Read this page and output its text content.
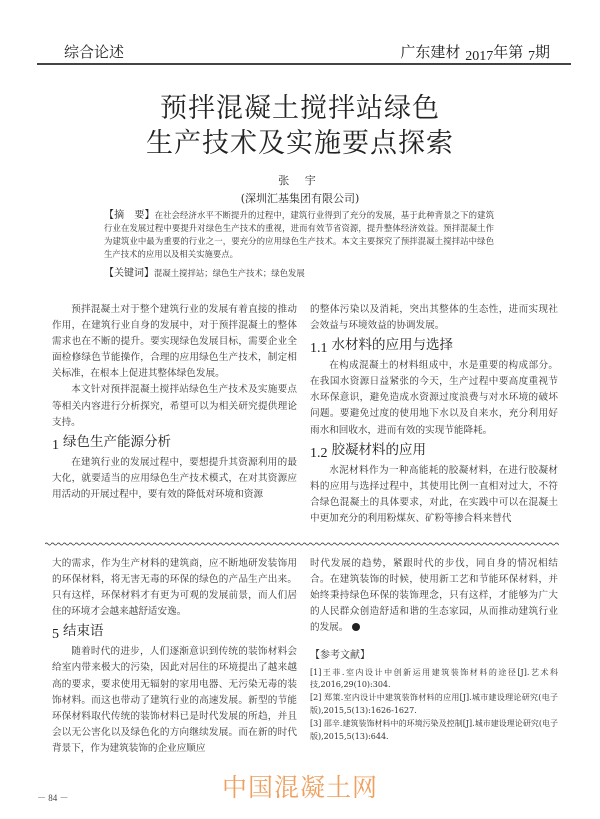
综合论述	广东建材 2017年第 7期
预拌混凝土搅拌站绿色
生产技术及实施要点探索
张 宇
(深圳汇基集团有限公司)
【摘　要】在社会经济水平不断提升的过程中，建筑行业得到了充分的发展，基于此种背景之下的建筑行业在发展过程中要提升对绿色生产技术的重视，进而有效节省资源，提升整体经济效益。预拌混凝土作为建筑业中最为重要的行业之一，要充分的应用绿色生产技术。本文主要探究了预拌混凝土搅拌站中绿色生产技术的应用以及相关实施要点。
【关键词】混凝土搅拌站；绿色生产技术；绿色发展

预拌混凝土对于整个建筑行业的发展有着直接的推动作用，在建筑行业自身的发展中，对于预拌混凝土的整体需求也在不断的提升。要实现绿色发展目标，需要企业全面检修绿色节能操作，合理的应用绿色生产技术，制定相关标准，在根本上促进其整体绿色发展。

本文针对预拌混凝土搅拌站绿色生产技术及实施要点等相关内容进行分析探究，希望可以为相关研究提供理论支持。

1 绿色生产能源分析

在建筑行业的发展过程中，要想提升其资源利用的最大化，就要适当的应用绿色生产技术模式，在对其资源应用活动的开展过程中，要有效的降低对环境和资源

的整体污染以及消耗，突出其整体的生态性，进而实现社会效益与环境效益的协调发展。

1.1 水材料的应用与选择

在构成混凝土的材料组成中，水是重要的构成部分。在我国水资源日益紧张的今天，生产过程中要高度重视节水环保意识，避免造成水资源过度浪费与对水环境的破坏问题。要避免过度的使用地下水以及自来水，充分利用好雨水和回收水，进而有效的实现节能降耗。

1.2 胶凝材料的应用

水泥材料作为一种高能耗的胶凝材料，在进行胶凝材料的应用与选择过程中，其使用比例一直相对过大，不符合绿色混凝土的具体要求，对此，在实践中可以在混凝土中更加充分的利用粉煤灰、矿粉等掺合料来替代

大的需求，作为生产材料的建筑商，应不断地研发装饰用的环保材料，将无害无毒的环保的绿色的产品生产出来。只有这样，环保材料才有更为可观的发展前景，而人们居住的环境才会越来越舒适安逸。

5 结束语

随着时代的进步，人们逐渐意识到传统的装饰材料会给室内带来极大的污染，因此对居住的环境提出了越来越高的要求，要求使用无辐射的家用电器、无污染无毒的装饰材料。而这也带动了建筑行业的高速发展。新型的节能环保材料取代传统的装饰材料已是时代发展的所趋，并且会以无公害化以及绿色化的方向继续发展。而在新的时代背景下，作为建筑装饰的企业应顺应

时代发展的趋势，紧跟时代的步伐，同自身的情况相结合。在建筑装饰的时候，使用新工艺和节能环保材料，并始终秉持绿色环保的装饰理念，只有这样，才能够为广大的人民群众创造舒适和谐的生态家园，从而推动建筑行业的发展。

【参考文献】

[1]王菲.室内设计中创新运用建筑装饰材料的途径[J].艺术科技,2016,29(10):304.

[2] 郑策.室内设计中建筑装饰材料的应用[J].城市建设理论研究(电子版),2015,5(13):1626-1627.

[3] 邵辛.建筑装饰材料中的环境污染及控制[J].城市建设理论研究(电子版),2015,5(13):644.

－ 84 －	中国混凝土网
